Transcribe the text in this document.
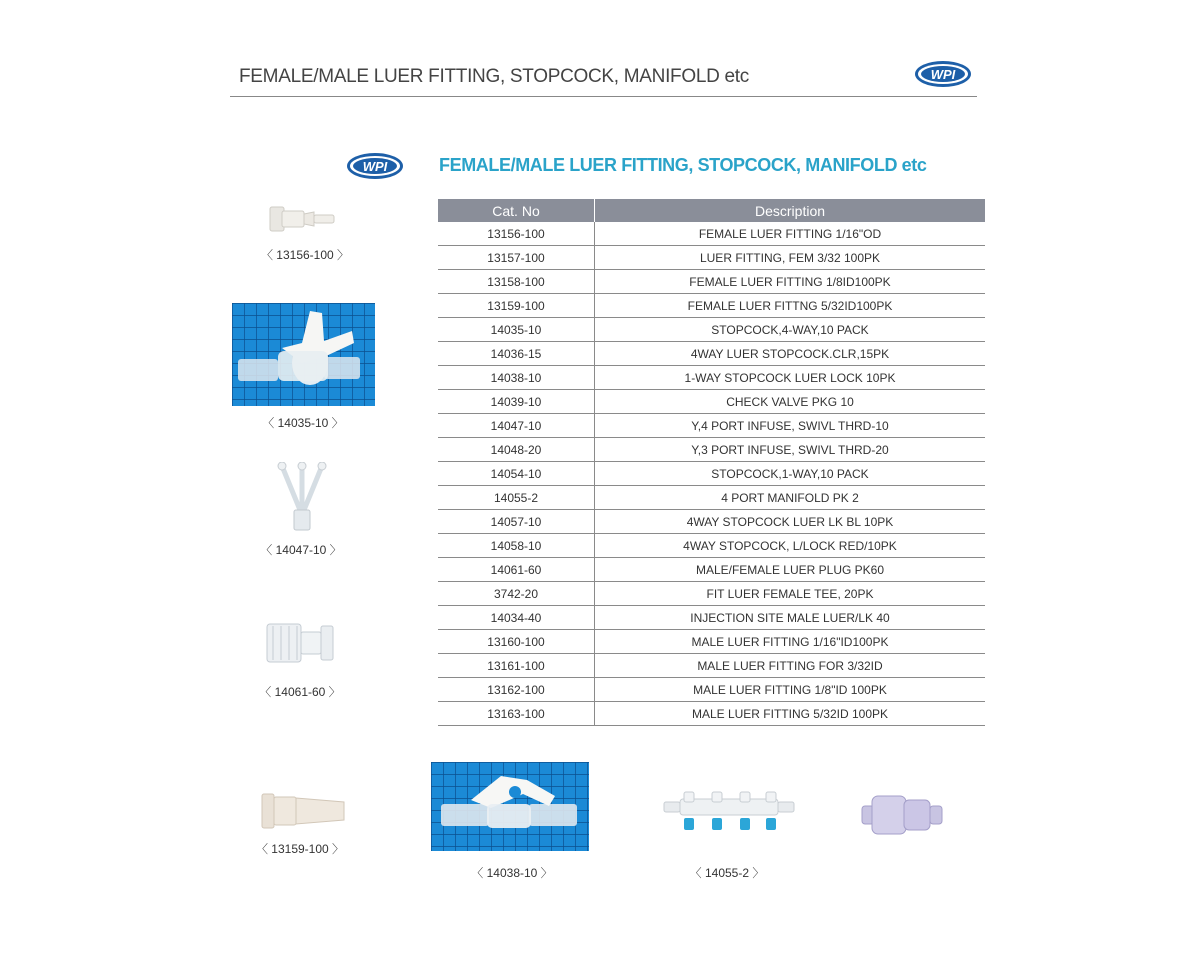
FEMALE/MALE LUER FITTING, STOPCOCK, MANIFOLD etc	WPI
WPI	FEMALE/MALE LUER FITTING, STOPCOCK, MANIFOLD etc
Cat. No	Description
13156-100	FEMALE LUER FITTING 1/16"OD
13157-100	LUER FITTING, FEM 3/32 100PK
13158-100	FEMALE LUER FITTING 1/8ID100PK
13159-100	FEMALE LUER FITTNG 5/32ID100PK
14035-10	STOPCOCK,4-WAY,10 PACK
14036-15	4WAY LUER STOPCOCK.CLR,15PK
14038-10	1-WAY STOPCOCK LUER LOCK 10PK
14039-10	CHECK VALVE PKG 10
14047-10	Y,4 PORT INFUSE, SWIVL THRD-10
14048-20	Y,3 PORT INFUSE, SWIVL THRD-20
14054-10	STOPCOCK,1-WAY,10 PACK
14055-2	4 PORT MANIFOLD PK 2
14057-10	4WAY STOPCOCK LUER LK BL 10PK
14058-10	4WAY STOPCOCK, L/LOCK RED/10PK
14061-60	MALE/FEMALE LUER PLUG PK60
3742-20	FIT LUER FEMALE TEE, 20PK
14034-40	INJECTION SITE MALE LUER/LK 40
13160-100	MALE LUER FITTING 1/16"ID100PK
13161-100	MALE LUER FITTING FOR 3/32ID
13162-100	MALE LUER FITTING 1/8"ID 100PK
13163-100	MALE LUER FITTING 5/32ID 100PK
〈 13156-100 〉
〈 14035-10 〉
〈 14047-10 〉
〈 14061-60 〉
〈 13159-100 〉
〈 14038-10 〉	〈 14055-2 〉
